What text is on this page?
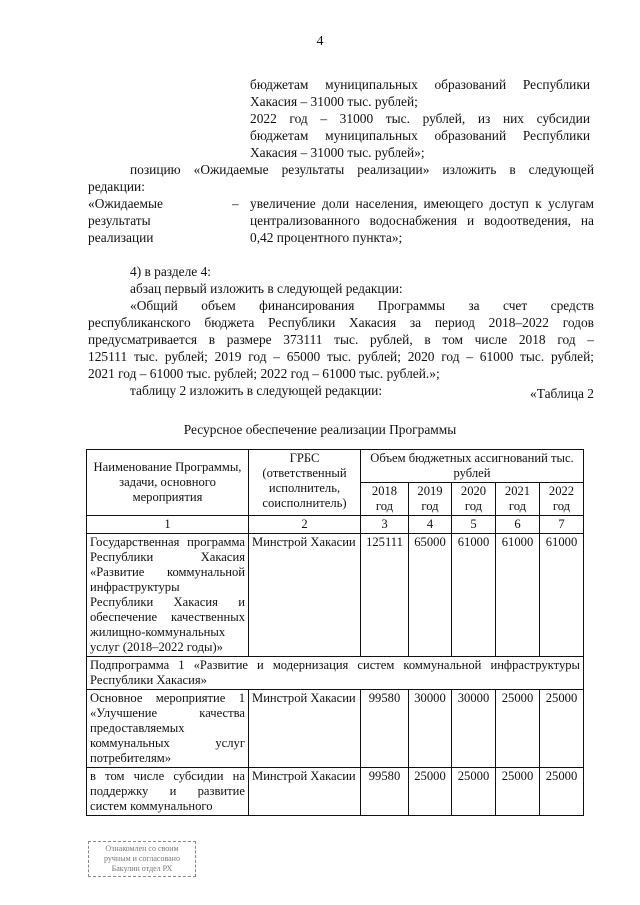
4
бюджетам муниципальных образований Республики
Хакасия – 31000 тыс. рублей;
2022 год – 31000 тыс. рублей, из них субсидии
бюджетам муниципальных образований Республики
Хакасия – 31000 тыс. рублей»;
позицию «Ожидаемые результаты реализации» изложить в следующей
редакции:
«Ожидаемые
результаты
реализации
– увеличение доли населения, имеющего доступ к услугам
централизованного водоснабжения и водоотведения, на
0,42 процентного пункта»;
4) в разделе 4:
абзац первый изложить в следующей редакции:
«Общий объем финансирования Программы за счет средств
республиканского бюджета Республики Хакасия за период 2018–2022 годов
предусматривается в размере 373111 тыс. рублей, в том числе 2018 год –
125111 тыс. рублей; 2019 год – 65000 тыс. рублей; 2020 год – 61000 тыс. рублей;
2021 год – 61000 тыс. рублей; 2022 год – 61000 тыс. рублей.»;
таблицу 2 изложить в следующей редакции:	«Таблица 2
Ресурсное обеспечение реализации Программы
Наименование Программы, задачи, основного мероприятия	ГРБС (ответственный исполнитель, соисполнитель)	Объем бюджетных ассигнований тыс. рублей				
		2018 год	2019 год	2020 год	2021 год	2022 год
1	2	3	4	5	6	7
Государственная программа Республики Хакасия «Развитие коммунальной инфраструктуры Республики Хакасия и обеспечение качественных жилищно-коммунальных услуг (2018–2022 годы)»	Минстрой Хакасии	125111	65000	61000	61000	61000
Подпрограмма 1 «Развитие и модернизация систем коммунальной инфраструктуры Республики Хакасия»						
Основное мероприятие 1 «Улучшение качества предоставляемых коммунальных услуг потребителям»	Минстрой Хакасии	99580	30000	30000	25000	25000
в том числе субсидии на поддержку и развитие систем коммунального	Минстрой Хакасии	99580	25000	25000	25000	25000
Ознакомлен со своим
ручным и согласовано
Бакулин отдел РХ
